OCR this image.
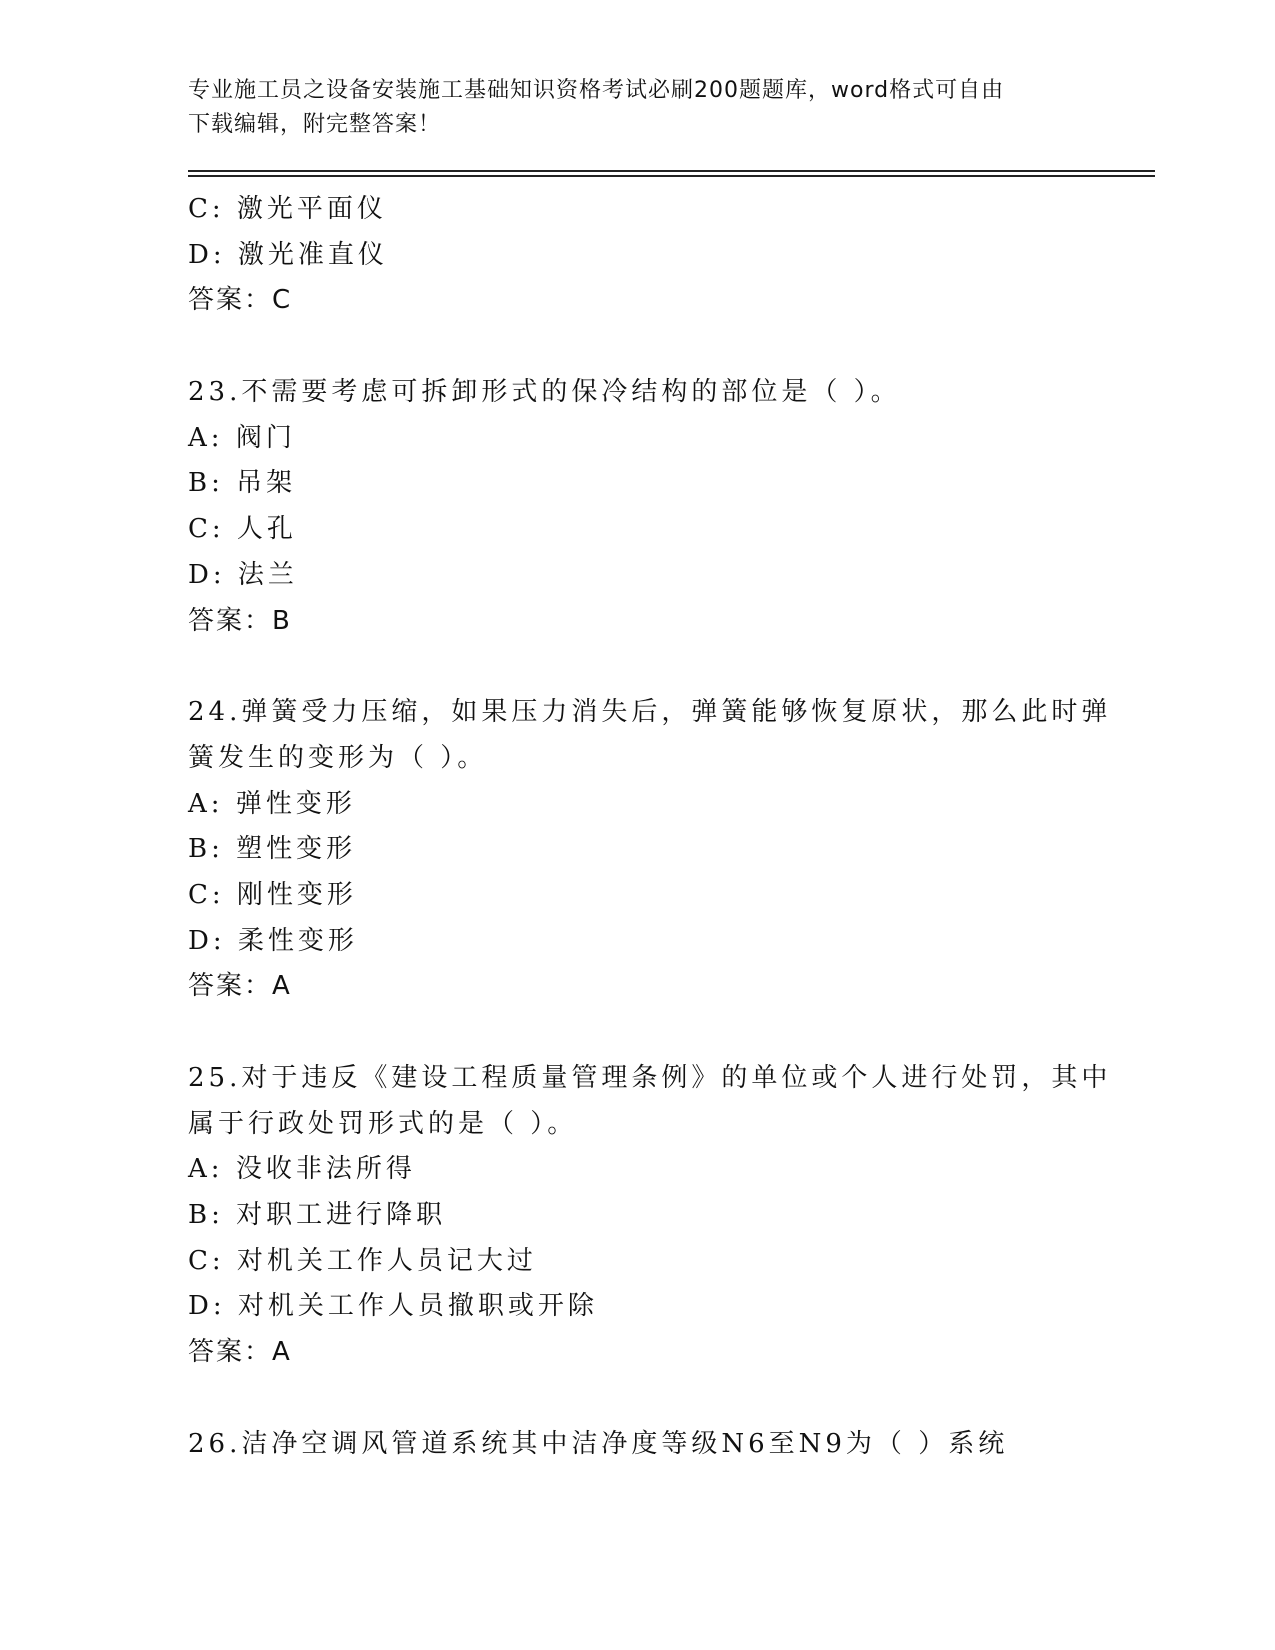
专业施工员之设备安装施工基础知识资格考试必刷200题题库，word格式可自由
下载编辑，附完整答案！
C: 激光平面仪
D: 激光准直仪
答案：C
23.不需要考虑可拆卸形式的保冷结构的部位是（ ）。
A: 阀门
B: 吊架
C: 人孔
D: 法兰
答案：B
24.弹簧受力压缩，如果压力消失后，弹簧能够恢复原状，那么此时弹
簧发生的变形为（ ）。
A: 弹性变形
B: 塑性变形
C: 刚性变形
D: 柔性变形
答案：A
25.对于违反《建设工程质量管理条例》的单位或个人进行处罚，其中
属于行政处罚形式的是（ ）。
A: 没收非法所得
B: 对职工进行降职
C: 对机关工作人员记大过
D: 对机关工作人员撤职或开除
答案：A
26.洁净空调风管道系统其中洁净度等级N6至N9为（ ）系统
